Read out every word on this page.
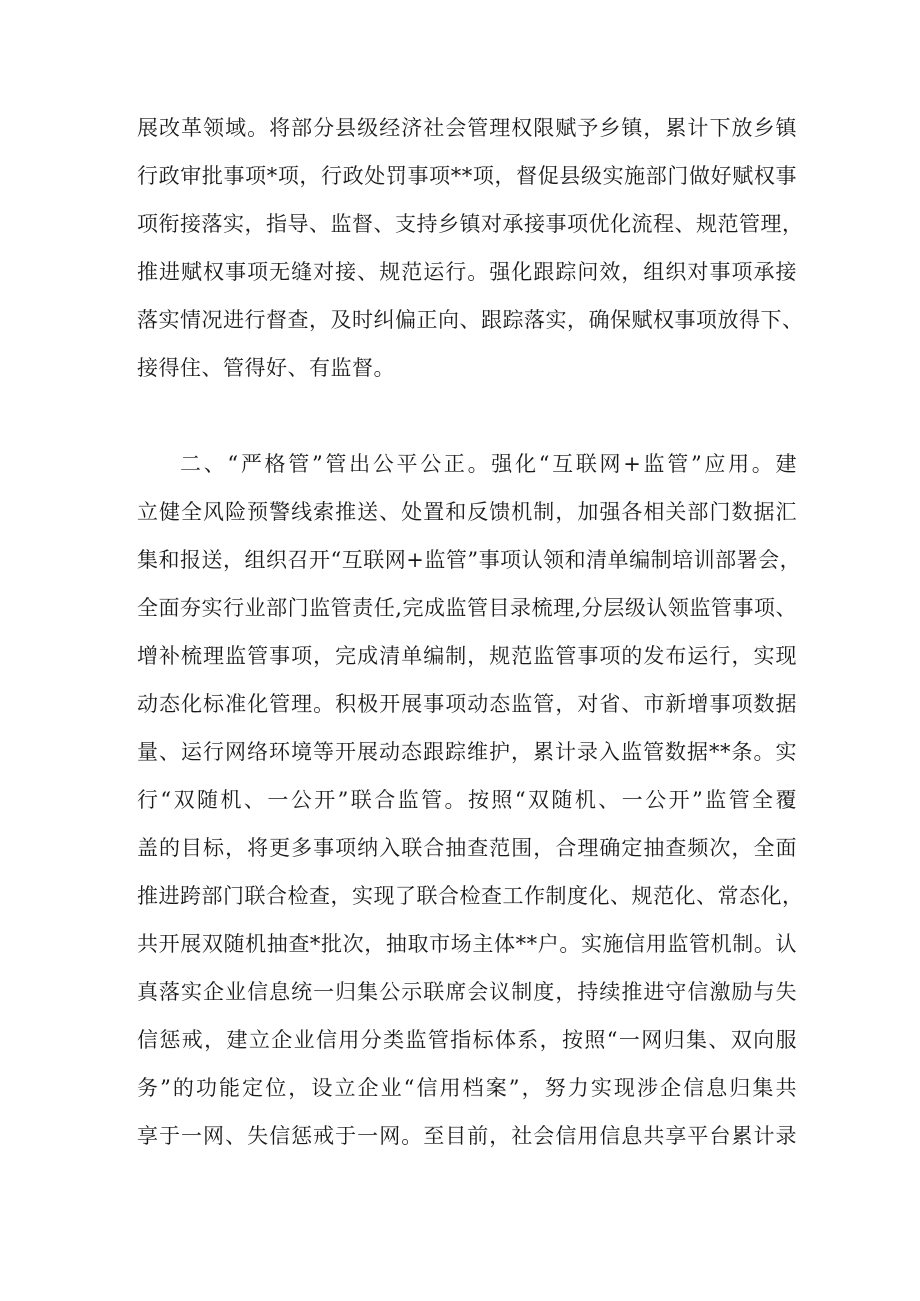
展改革领域。将部分县级经济社会管理权限赋予乡镇，累计下放乡镇
行政审批事项*项，行政处罚事项**项，督促县级实施部门做好赋权事
项衔接落实，指导、监督、支持乡镇对承接事项优化流程、规范管理，
推进赋权事项无缝对接、规范运行。强化跟踪问效，组织对事项承接
落实情况进行督查，及时纠偏正向、跟踪落实，确保赋权事项放得下、
接得住、管得好、有监督。
二、“严格管”管出公平公正。强化“互联网+监管”应用。建
立健全风险预警线索推送、处置和反馈机制，加强各相关部门数据汇
集和报送，组织召开“互联网+监管”事项认领和清单编制培训部署会，
全面夯实行业部门监管责任,完成监管目录梳理,分层级认领监管事项、
增补梳理监管事项，完成清单编制，规范监管事项的发布运行，实现
动态化标准化管理。积极开展事项动态监管，对省、市新增事项数据
量、运行网络环境等开展动态跟踪维护，累计录入监管数据**条。实
行“双随机、一公开”联合监管。按照“双随机、一公开”监管全覆
盖的目标，将更多事项纳入联合抽查范围，合理确定抽查频次，全面
推进跨部门联合检查，实现了联合检查工作制度化、规范化、常态化，
共开展双随机抽查*批次，抽取市场主体**户。实施信用监管机制。认
真落实企业信息统一归集公示联席会议制度，持续推进守信激励与失
信惩戒，建立企业信用分类监管指标体系，按照“一网归集、双向服
务”的功能定位，设立企业“信用档案”，努力实现涉企信息归集共
享于一网、失信惩戒于一网。至目前，社会信用信息共享平台累计录
